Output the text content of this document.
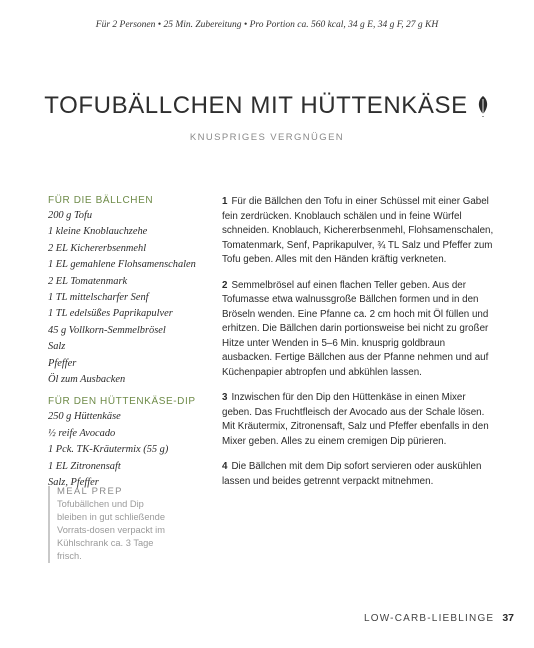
Für 2 Personen • 25 Min. Zubereitung • Pro Portion ca. 560 kcal, 34 g E, 34 g F, 27 g KH
TOFUBÄLLCHEN MIT HÜTTENKÄSE
KNUSPRIGES VERGNÜGEN
FÜR DIE BÄLLCHEN
200 g Tofu
1 kleine Knoblauchzehe
2 EL Kichererbsenmehl
1 EL gemahlene Flohsamenschalen
2 EL Tomatenmark
1 TL mittelscharfer Senf
1 TL edelsüßes Paprikapulver
45 g Vollkorn-Semmelbrösel
Salz
Pfeffer
Öl zum Ausbacken
FÜR DEN HÜTTENKÄSE-DIP
250 g Hüttenkäse
½ reife Avocado
1 Pck. TK-Kräutermix (55 g)
1 EL Zitronensaft
Salz, Pfeffer
MEAL PREP
Tofubällchen und Dip bleiben in gut schließende Vorrats-dosen verpackt im Kühlschrank ca. 3 Tage frisch.

1 Für die Bällchen den Tofu in einer Schüssel mit einer Gabel fein zerdrücken. Knoblauch schälen und in feine Würfel schneiden. Knoblauch, Kichererbsenmehl, Flohsamenschalen, Tomatenmark, Senf, Paprikapulver, ¾ TL Salz und Pfeffer zum Tofu geben. Alles mit den Händen kräftig verkneten.

2 Semmelbrösel auf einen flachen Teller geben. Aus der Tofumasse etwa walnussgroße Bällchen formen und in den Bröseln wenden. Eine Pfanne ca. 2 cm hoch mit Öl füllen und erhitzen. Die Bällchen darin portionsweise bei nicht zu großer Hitze unter Wenden in 5–6 Min. knusprig goldbraun ausbacken. Fertige Bällchen aus der Pfanne nehmen und auf Küchenpapier abtropfen und abkühlen lassen.

3 Inzwischen für den Dip den Hüttenkäse in einen Mixer geben. Das Fruchtfleisch der Avocado aus der Schale lösen. Mit Kräutermix, Zitronensaft, Salz und Pfeffer ebenfalls in den Mixer geben. Alles zu einem cremigen Dip pürieren.

4 Die Bällchen mit dem Dip sofort servieren oder auskühlen lassen und beides getrennt verpackt mitnehmen.

LOW-CARB-LIEBLINGE 37
